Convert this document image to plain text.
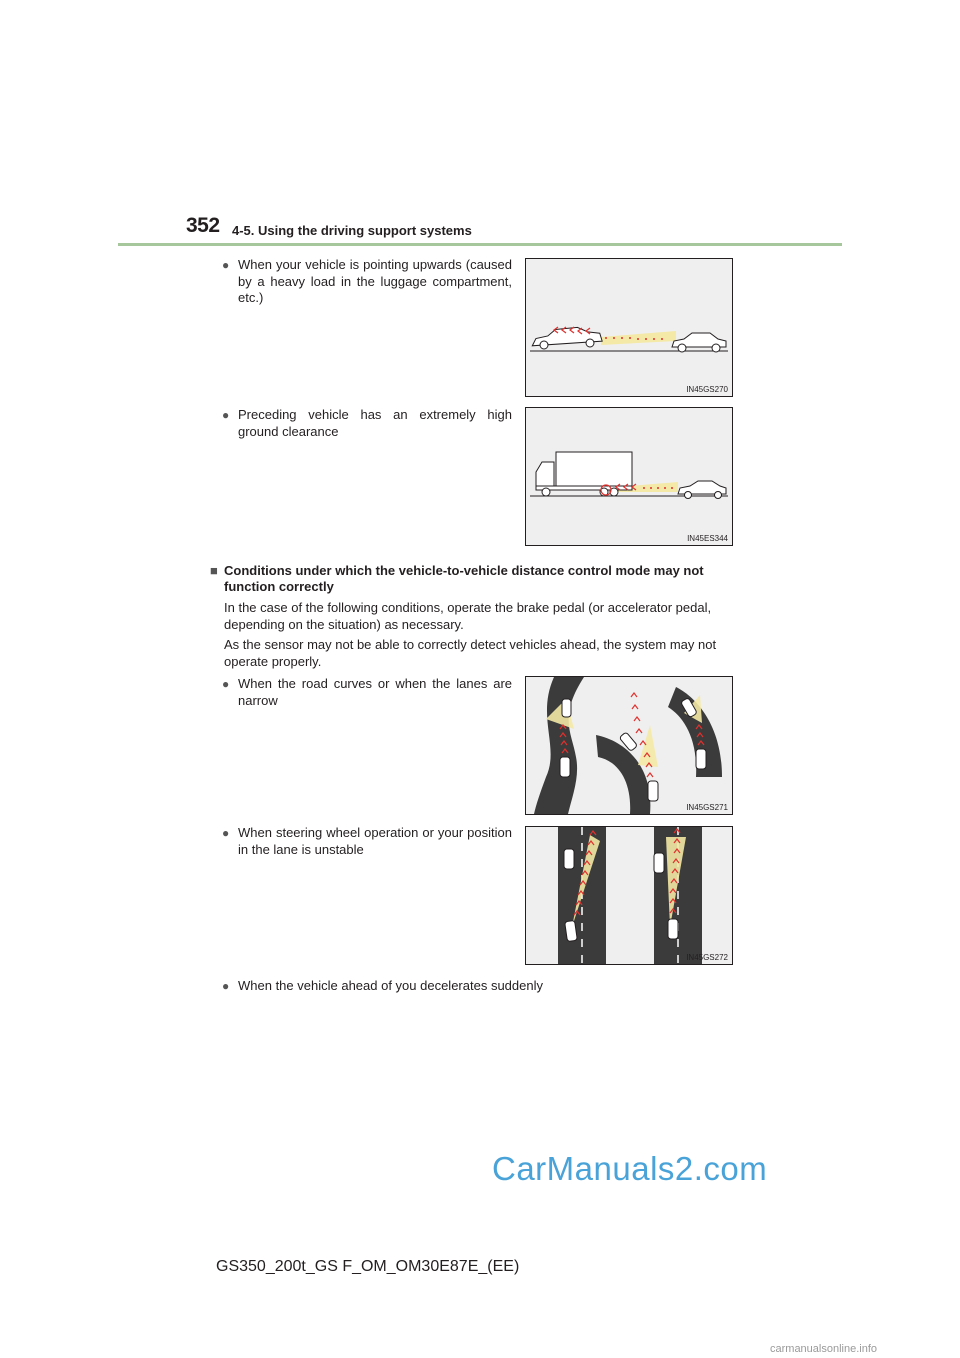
352 4-5. Using the driving support systems
● When your vehicle is pointing upwards (caused by a heavy load in the luggage compartment, etc.)
IN45GS270
● Preceding vehicle has an extremely high ground clearance
IN45ES344
■ Conditions under which the vehicle-to-vehicle distance control mode may not function correctly
In the case of the following conditions, operate the brake pedal (or accelerator pedal, depending on the situation) as necessary.
As the sensor may not be able to correctly detect vehicles ahead, the system may not operate properly.
● When the road curves or when the lanes are narrow
IN45GS271
● When steering wheel operation or your position in the lane is unstable
IN45GS272
● When the vehicle ahead of you decelerates suddenly
CarManuals2.com
GS350_200t_GS F_OM_OM30E87E_(EE)
carmanualsonline.info
